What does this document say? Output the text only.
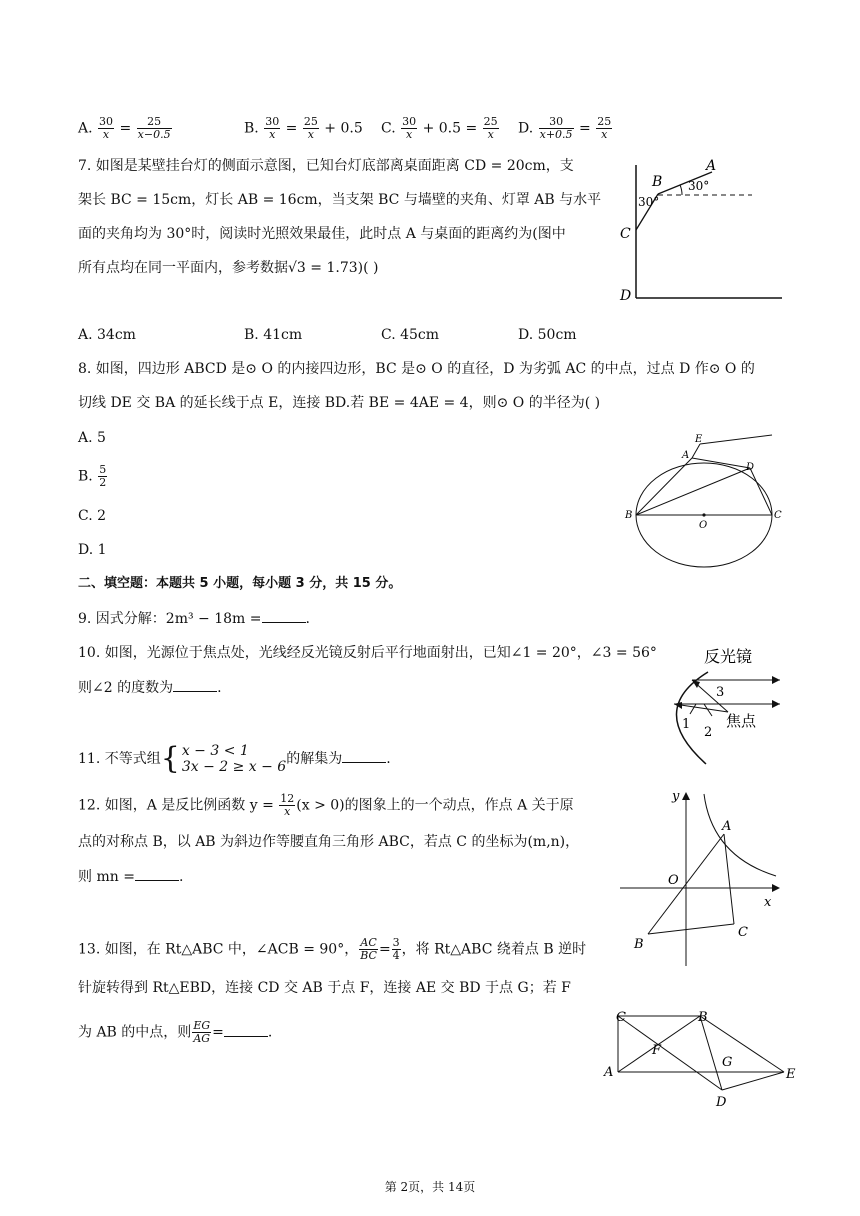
A. $\frac{30}{x} = \frac{25}{x-0.5}$	B. $\frac{30}{x} = \frac{25}{x} + 0.5$ C. $\frac{30}{x} + 0.5 = \frac{25}{x} D$. $\frac{30}{x+0.5} = \frac{25}{x}$
7. 如图是某壁挂台灯的侧面示意图，已知台灯底部离桌面距离 CD = 20cm，支
架长 BC = 15cm，灯长 AB = 16cm，当支架 BC 与墙壁的夹角、灯罩 AB 与水平
面的夹角均为 30°时，阅读时光照效果最佳，此时点 A 与桌面的距离约为(图中
所有点均在同一平面内，参考数据√3 = 1.73)( )
A. 34cm	B. 41cm	C. 45cm	D. 50cm
A
B
C
D
30°
30°
8. 如图，四边形 ABCD 是⊙ O 的内接四边形，BC 是⊙ O 的直径，D 为劣弧 AC 的中点，过点 D 作⊙ O 的
切线 DE 交 BA 的延长线于点 E，连接 BD.若 BE = 4AE = 4，则⊙ O 的半径为( )
A. 5
B. $\frac{5}{2}$
C. 2
D. 1
E
A
D
B	C
O
二、填空题：本题共 5 小题，每小题 3 分，共 15 分。
9. 因式分解：2m³ − 18m =	.
10. 如图，光源位于焦点处，光线经反光镜反射后平行地面射出，已知∠1 = 20°，∠3 = 56°
则∠2 的度数为	.
反光镜
焦点
1
2
3
11. 不等式组{ x − 3 < 1
3x − 2 ≥ x − 6 的解集为	.
12. 如图，A 是反比例函数 $y = \frac{12}{x} (x > 0)$的图象上的一个动点，作点 A 关于原
点的对称点 B，以 AB 为斜边作等腰直角三角形 ABC，若点 C 的坐标为(m,n)，
则 mn =	.
y
x
O
A
B
C
13. 如图，在 Rt△ABC 中，∠ACB = 90°， $\frac{AC}{BC} = \frac{3}{4}$ ，将 Rt△ABC 绕着点 B 逆时
针旋转得到 Rt△EBD，连接 CD 交 AB 于点 F，连接 AE 交 BD 于点 G；若 F
为 AB 的中点，则 $\frac{EG}{AG}$ =	.
C	B
A	E
D
F
G
第 2页，共 14页
